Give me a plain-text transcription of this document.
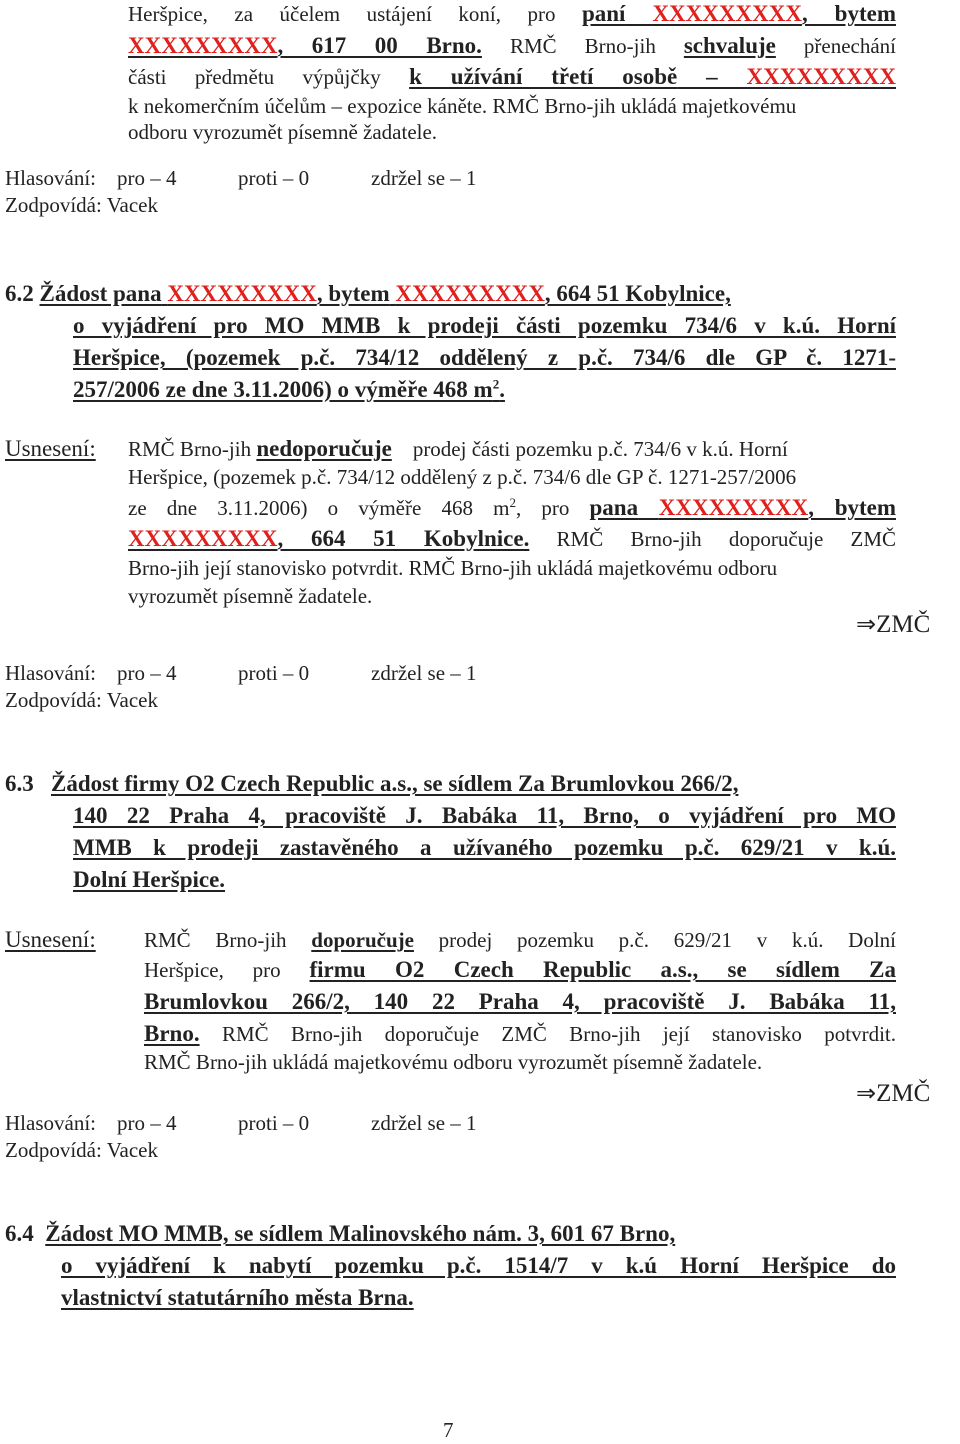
Heršpice, za účelem ustájení koní, pro paní XXXXXXXXX, bytem
XXXXXXXXX, 617 00 Brno. RMČ Brno-jih schvaluje přenechání
části předmětu výpůjčky k užívání třetí osobě – XXXXXXXXX
k nekomerčním účelům – expozice káněte. RMČ Brno-jih ukládá majetkovému
odboru vyrozumět písemně žadatele.
Hlasování: pro – 4	proti – 0	zdržel se – 1
Zodpovídá: Vacek
6.2 Žádost pana XXXXXXXXX, bytem XXXXXXXXX, 664 51 Kobylnice,
o vyjádření pro MO MMB k prodeji části pozemku 734/6 v k.ú. Horní
Heršpice, (pozemek p.č. 734/12 oddělený z p.č. 734/6 dle GP č. 1271-
257/2006 ze dne 3.11.2006) o výměře 468 $m^2$.
Usnesení: RMČ Brno-jih nedoporučuje prodej části pozemku p.č. 734/6 v k.ú. Horní
Heršpice, (pozemek p.č. 734/12 oddělený z p.č. 734/6 dle GP č. 1271-257/2006
ze dne 3.11.2006) o výměře 468 $m^2$, pro pana XXXXXXXXX, bytem
XXXXXXXXX, 664 51 Kobylnice. RMČ Brno-jih doporučuje ZMČ
Brno-jih její stanovisko potvrdit. RMČ Brno-jih ukládá majetkovému odboru
vyrozumět písemně žadatele.
⇒ZMČ
Hlasování: pro – 4	proti – 0	zdržel se – 1
Zodpovídá: Vacek
6.3 Žádost firmy O2 Czech Republic a.s., se sídlem Za Brumlovkou 266/2,
140 22 Praha 4, pracoviště J. Babáka 11, Brno, o vyjádření pro MO
MMB k prodeji zastavěného a užívaného pozemku p.č. 629/21 v k.ú.
Dolní Heršpice.
Usnesení: RMČ Brno-jih doporučuje prodej pozemku p.č. 629/21 v k.ú. Dolní
Heršpice, pro firmu O2 Czech Republic a.s., se sídlem Za
Brumlovkou 266/2, 140 22 Praha 4, pracoviště J. Babáka 11,
Brno. RMČ Brno-jih doporučuje ZMČ Brno-jih její stanovisko potvrdit.
RMČ Brno-jih ukládá majetkovému odboru vyrozumět písemně žadatele.
⇒ZMČ
Hlasování: pro – 4	proti – 0	zdržel se – 1
Zodpovídá: Vacek
6.4 Žádost MO MMB, se sídlem Malinovského nám. 3, 601 67 Brno,
o vyjádření k nabytí pozemku p.č. 1514/7 v k.ú Horní Heršpice do
vlastnictví statutárního města Brna.
7
